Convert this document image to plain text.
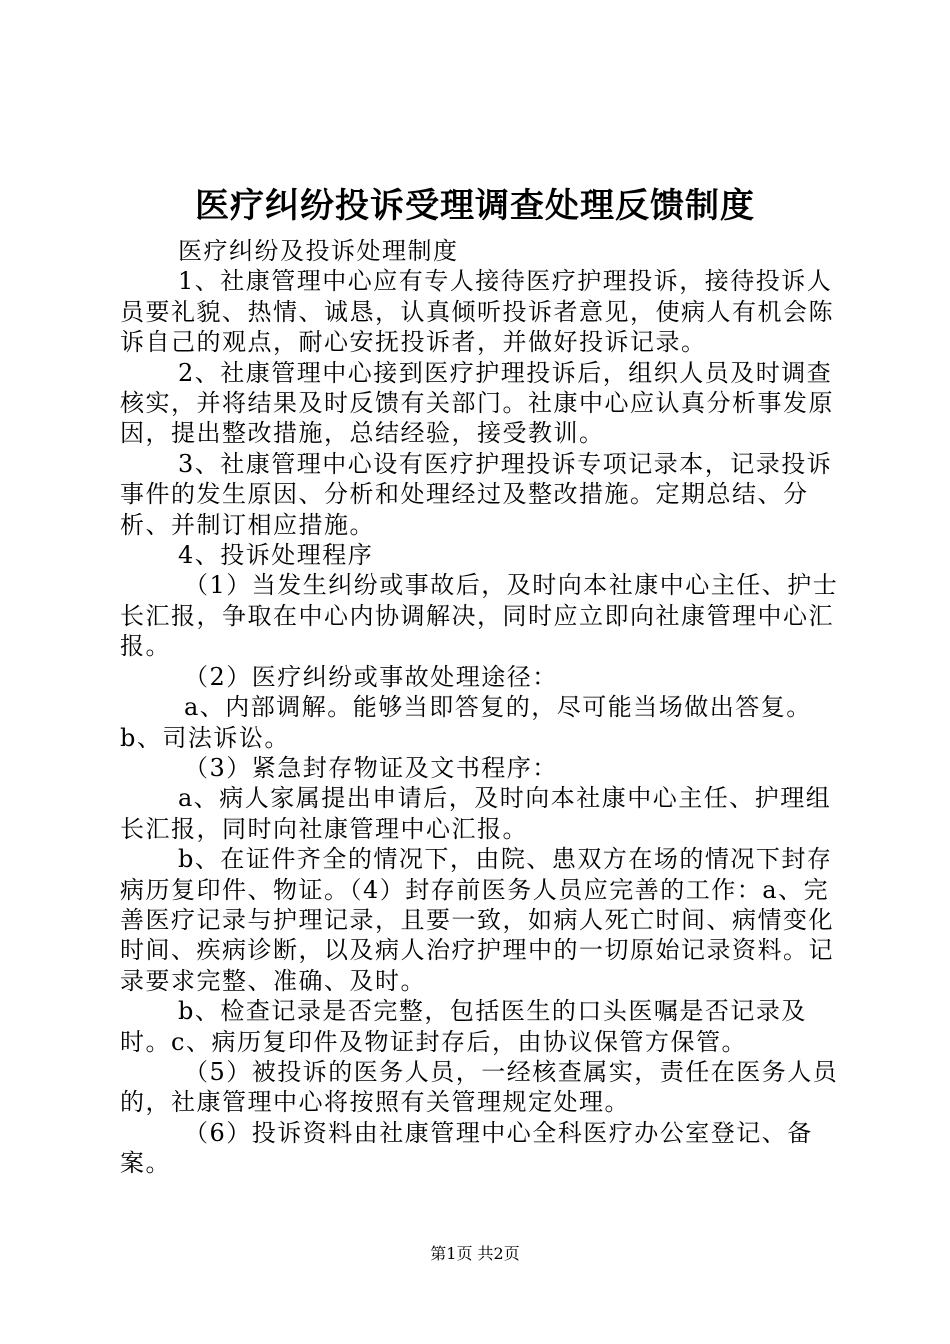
医疗纠纷投诉受理调查处理反馈制度

医疗纠纷及投诉处理制度

1、社康管理中心应有专人接待医疗护理投诉，接待投诉人员要礼貌、热情、诚恳，认真倾听投诉者意见，使病人有机会陈诉自己的观点，耐心安抚投诉者，并做好投诉记录。

2、社康管理中心接到医疗护理投诉后，组织人员及时调查核实，并将结果及时反馈有关部门。社康中心应认真分析事发原因，提出整改措施，总结经验，接受教训。

3、社康管理中心设有医疗护理投诉专项记录本，记录投诉事件的发生原因、分析和处理经过及整改措施。定期总结、分析、并制订相应措施。

4、投诉处理程序

（1）当发生纠纷或事故后，及时向本社康中心主任、护士长汇报，争取在中心内协调解决，同时应立即向社康管理中心汇报。

（2）医疗纠纷或事故处理途径：

a、内部调解。能够当即答复的，尽可能当场做出答复。b、司法诉讼。

（3）紧急封存物证及文书程序：

a、病人家属提出申请后，及时向本社康中心主任、护理组长汇报，同时向社康管理中心汇报。

b、在证件齐全的情况下，由院、患双方在场的情况下封存病历复印件、物证。（4）封存前医务人员应完善的工作：a、完善医疗记录与护理记录，且要一致，如病人死亡时间、病情变化时间、疾病诊断，以及病人治疗护理中的一切原始记录资料。记录要求完整、准确、及时。

b、检查记录是否完整，包括医生的口头医嘱是否记录及时。c、病历复印件及物证封存后，由协议保管方保管。

（5）被投诉的医务人员，一经核查属实，责任在医务人员的，社康管理中心将按照有关管理规定处理。

（6）投诉资料由社康管理中心全科医疗办公室登记、备案。

第1页 共2页
